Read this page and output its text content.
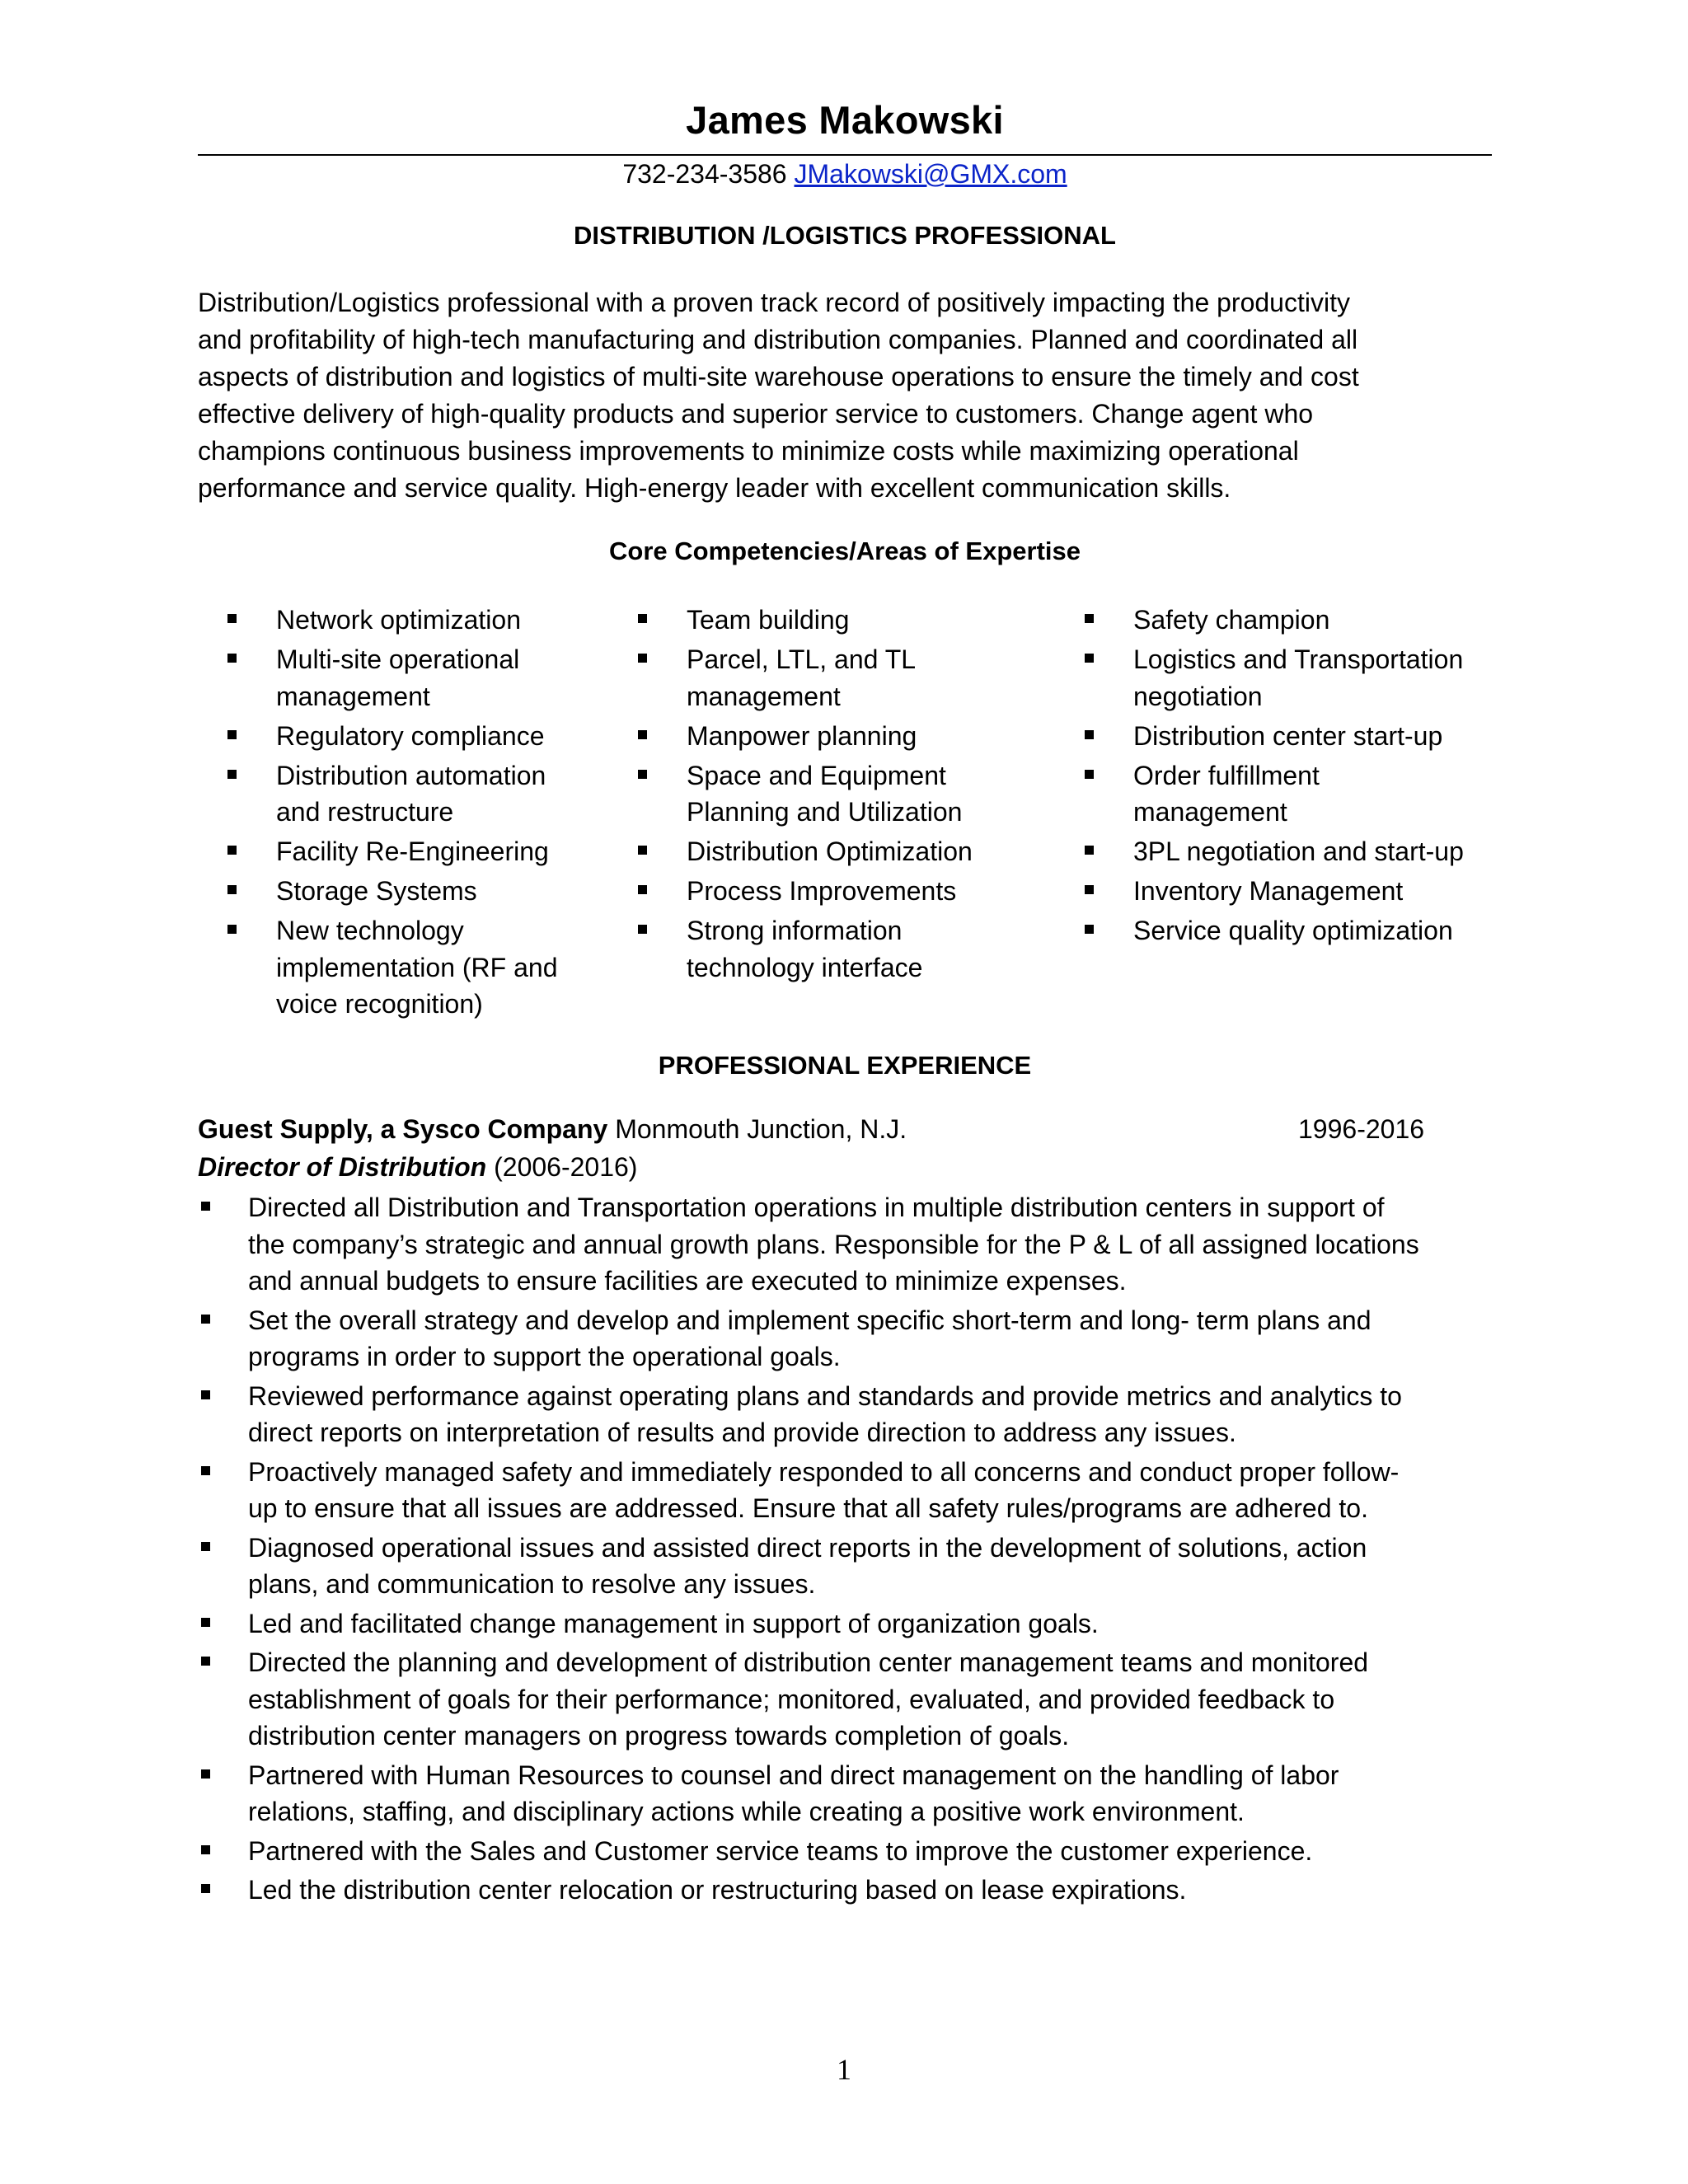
James Makowski
732-234-3586 JMakowski@GMX.com
DISTRIBUTION /LOGISTICS PROFESSIONAL
Distribution/Logistics professional with a proven track record of positively impacting the productivity
and profitability of high-tech manufacturing and distribution companies. Planned and coordinated all
aspects of distribution and logistics of multi-site warehouse operations to ensure the timely and cost
effective delivery of high-quality products and superior service to customers. Change agent who
champions continuous business improvements to minimize costs while maximizing operational
performance and service quality. High-energy leader with excellent communication skills.
Core Competencies/Areas of Expertise
Network optimization
Multi-site operational
management
Regulatory compliance
Distribution automation
and restructure
Facility Re-Engineering
Storage Systems
New technology
implementation (RF and
voice recognition)
Team building
Parcel, LTL, and TL
management
Manpower planning
Space and Equipment
Planning and Utilization
Distribution Optimization
Process Improvements
Strong information
technology interface
Safety champion
Logistics and Transportation
negotiation
Distribution center start-up
Order fulfillment
management
3PL negotiation and start-up
Inventory Management
Service quality optimization
PROFESSIONAL EXPERIENCE
Guest Supply, a Sysco Company Monmouth Junction, N.J.	1996-2016
Director of Distribution (2006-2016)
Directed all Distribution and Transportation operations in multiple distribution centers in support of
the company’s strategic and annual growth plans. Responsible for the P & L of all assigned locations
and annual budgets to ensure facilities are executed to minimize expenses.
Set the overall strategy and develop and implement specific short-term and long- term plans and
programs in order to support the operational goals.
Reviewed performance against operating plans and standards and provide metrics and analytics to
direct reports on interpretation of results and provide direction to address any issues.
Proactively managed safety and immediately responded to all concerns and conduct proper follow-
up to ensure that all issues are addressed. Ensure that all safety rules/programs are adhered to.
Diagnosed operational issues and assisted direct reports in the development of solutions, action
plans, and communication to resolve any issues.
Led and facilitated change management in support of organization goals.
Directed the planning and development of distribution center management teams and monitored
establishment of goals for their performance; monitored, evaluated, and provided feedback to
distribution center managers on progress towards completion of goals.
Partnered with Human Resources to counsel and direct management on the handling of labor
relations, staffing, and disciplinary actions while creating a positive work environment.
Partnered with the Sales and Customer service teams to improve the customer experience.
Led the distribution center relocation or restructuring based on lease expirations.
1
